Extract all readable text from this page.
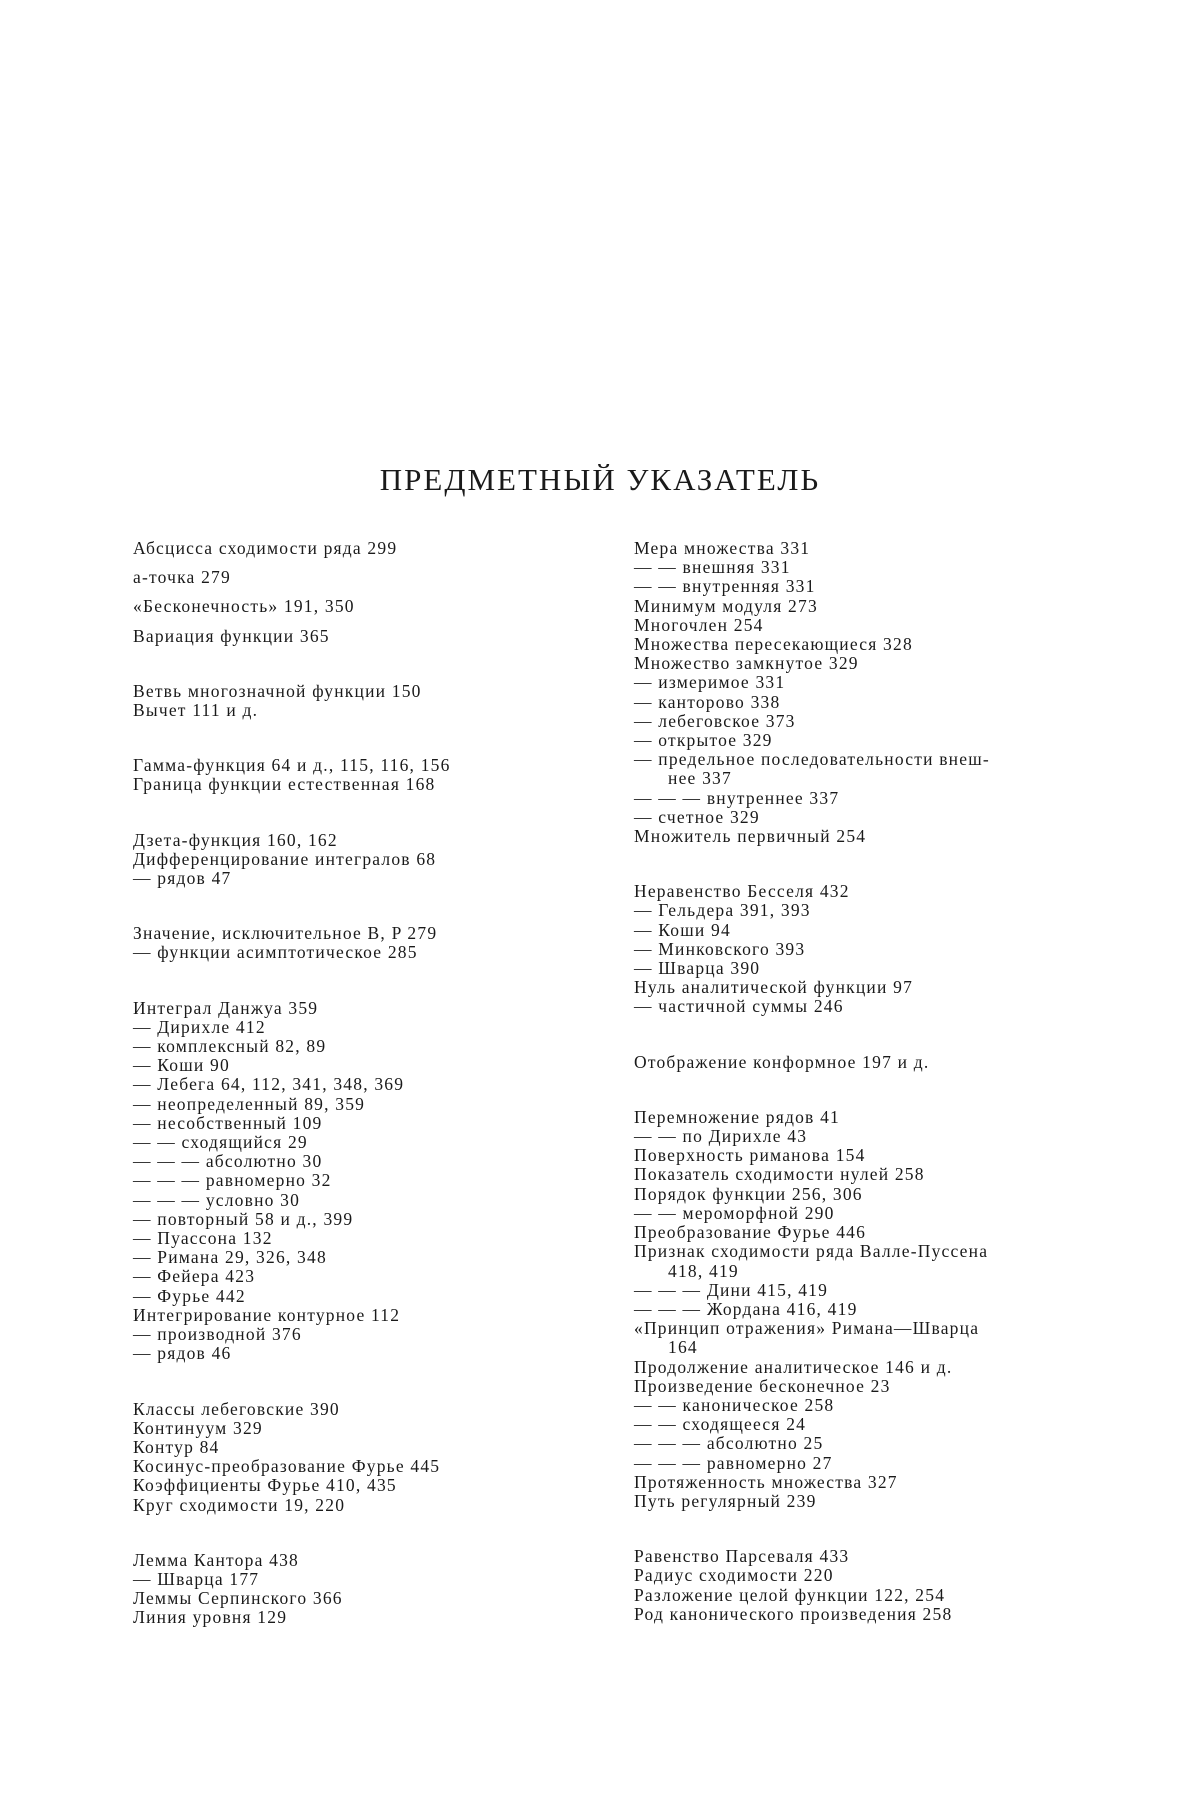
ПРЕДМЕТНЫЙ УКАЗАТЕЛЬ
Абсцисса сходимости ряда 299
a-точка 279
«Бесконечность» 191, 350
Вариация функции 365
Ветвь многозначной функции 150
Вычет 111 и д.
Гамма-функция 64 и д., 115, 116, 156
Граница функции естественная 168
Дзета-функция 160, 162
Дифференцирование интегралов 68
— рядов 47
Значение, исключительное B, P 279
— функции асимптотическое 285
Интеграл Данжуа 359
— Дирихле 412
— комплексный 82, 89
— Коши 90
— Лебега 64, 112, 341, 348, 369
— неопределенный 89, 359
— несобственный 109
— — сходящийся 29
— — — абсолютно 30
— — — равномерно 32
— — — условно 30
— повторный 58 и д., 399
— Пуассона 132
— Римана 29, 326, 348
— Фейера 423
— Фурье 442
Интегрирование контурное 112
— производной 376
— рядов 46
Классы лебеговские 390
Континуум 329
Контур 84
Косинус-преобразование Фурье 445
Коэффициенты Фурье 410, 435
Круг сходимости 19, 220
Лемма Кантора 438
— Шварца 177
Леммы Серпинского 366
Линия уровня 129
Мера множества 331
— — внешняя 331
— — внутренняя 331
Минимум модуля 273
Многочлен 254
Множества пересекающиеся 328
Множество замкнутое 329
— измеримое 331
— канторово 338
— лебеговское 373
— открытое 329
— предельное последовательности внеш-
нее 337
— — — внутреннее 337
— счетное 329
Множитель первичный 254
Неравенство Бесселя 432
— Гельдера 391, 393
— Коши 94
— Минковского 393
— Шварца 390
Нуль аналитической функции 97
— частичной суммы 246
Отображение конформное 197 и д.
Перемножение рядов 41
— — по Дирихле 43
Поверхность римановa 154
Показатель сходимости нулей 258
Порядок функции 256, 306
— — мероморфной 290
Преобразование Фурье 446
Признак сходимости ряда Валле-Пуссена
418, 419
— — — Дини 415, 419
— — — Жордана 416, 419
«Принцип отражения» Римана—Шварца
164
Продолжение аналитическое 146 и д.
Произведение бесконечное 23
— — каноническое 258
— — сходящееся 24
— — — абсолютно 25
— — — равномерно 27
Протяженность множества 327
Путь регулярный 239
Равенство Парсеваля 433
Радиус сходимости 220
Разложение целой функции 122, 254
Род канонического произведения 258
